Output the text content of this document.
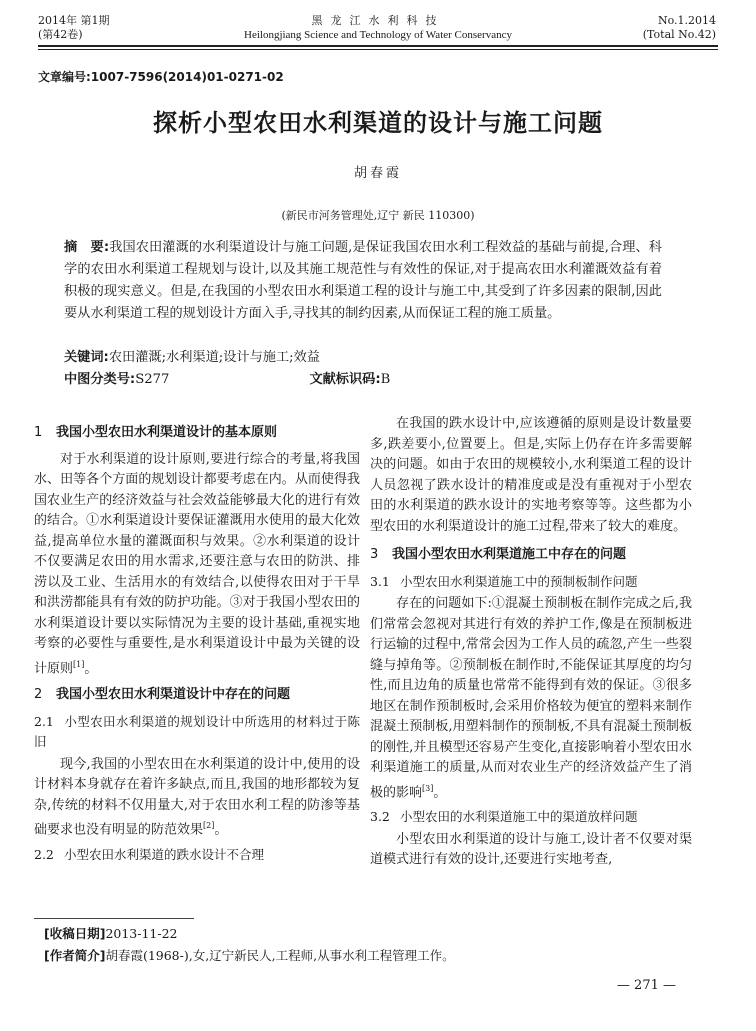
2014年 第1期
(第42卷)
黑龙江水利科技
Heilongjiang Science and Technology of Water Conservancy
No.1.2014
(Total No.42)
文章编号:1007-7596(2014)01-0271-02
探析小型农田水利渠道的设计与施工问题
胡春霞
(新民市河务管理处,辽宁 新民 110300)
摘　要:我国农田灌溉的水利渠道设计与施工问题,是保证我国农田水利工程效益的基础与前提,合理、科学的农田水利渠道工程规划与设计,以及其施工规范性与有效性的保证,对于提高农田水利灌溉效益有着积极的现实意义。但是,在我国的小型农田水利渠道工程的设计与施工中,其受到了许多因素的限制,因此要从水利渠道工程的规划设计方面入手,寻找其的制约因素,从而保证工程的施工质量。
关键词:农田灌溉;水利渠道;设计与施工;效益
中图分类号:S277	文献标识码:B
1 我国小型农田水利渠道设计的基本原则

对于水利渠道的设计原则,要进行综合的考量,将我国水、田等各个方面的规划设计都要考虑在内。从而使得我国农业生产的经济效益与社会效益能够最大化的进行有效的结合。①水利渠道设计要保证灌溉用水使用的最大化效益,提高单位水量的灌溉面积与效果。②水利渠道的设计不仅要满足农田的用水需求,还要注意与农田的防洪、排涝以及工业、生活用水的有效结合,以使得农田对于干旱和洪涝都能具有有效的防护功能。③对于我国小型农田的水利渠道设计要以实际情况为主要的设计基础,重视实地考察的必要性与重要性,是水利渠道设计中最为关键的设计原则[1]。

2 我国小型农田水利渠道设计中存在的问题
2.1 小型农田水利渠道的规划设计中所选用的材料过于陈旧

现今,我国的小型农田在水利渠道的设计中,使用的设计材料本身就存在着许多缺点,而且,我国的地形都较为复杂,传统的材料不仅用量大,对于农田水利工程的防渗等基础要求也没有明显的防范效果[2]。

2.2 小型农田水利渠道的跌水设计不合理

在我国的跌水设计中,应该遵循的原则是设计数量要多,跌差要小,位置要上。但是,实际上仍存在许多需要解决的问题。如由于农田的规模较小,水利渠道工程的设计人员忽视了跌水设计的精准度或是没有重视对于小型农田的水利渠道的跌水设计的实地考察等等。这些都为小型农田的水利渠道设计的施工过程,带来了较大的难度。

3 我国小型农田水利渠道施工中存在的问题
3.1 小型农田水利渠道施工中的预制板制作问题

存在的问题如下:①混凝土预制板在制作完成之后,我们常常会忽视对其进行有效的养护工作,像是在预制板进行运输的过程中,常常会因为工作人员的疏忽,产生一些裂缝与掉角等。②预制板在制作时,不能保证其厚度的均匀性,而且边角的质量也常常不能得到有效的保证。③很多地区在制作预制板时,会采用价格较为便宜的塑料来制作混凝土预制板,用塑料制作的预制板,不具有混凝土预制板的刚性,并且模型还容易产生变化,直接影响着小型农田水利渠道施工的质量,从而对农业生产的经济效益产生了消极的影响[3]。

3.2 小型农田的水利渠道施工中的渠道放样问题

小型农田水利渠道的设计与施工,设计者不仅要对渠道模式进行有效的设计,还要进行实地考查,

[收稿日期]2013-11-22
[作者简介]胡春霞(1968-),女,辽宁新民人,工程师,从事水利工程管理工作。
— 271 —
